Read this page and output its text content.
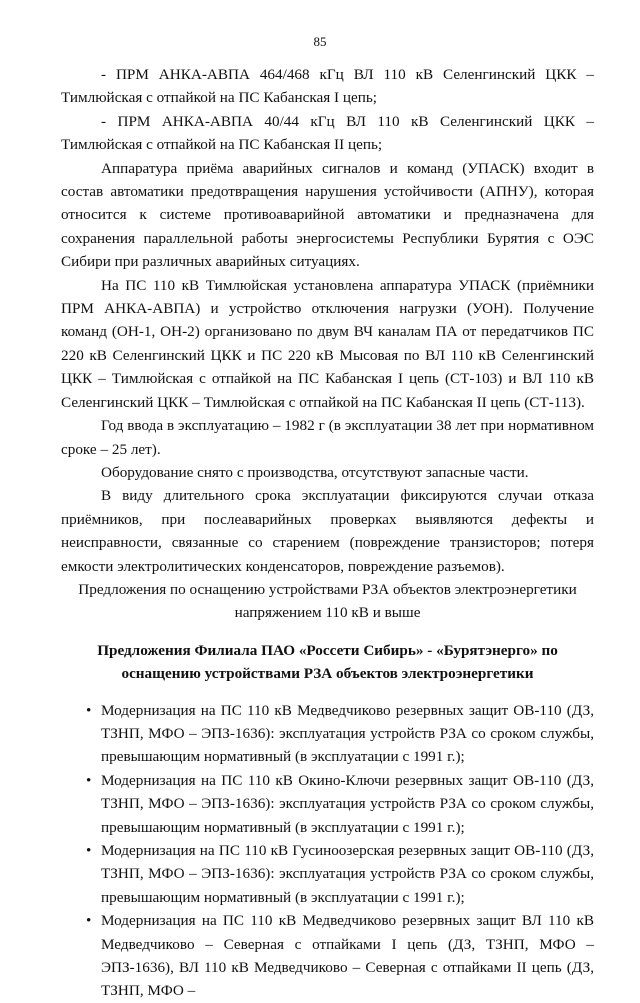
85

- ПРМ АНКА-АВПА 464/468 кГц ВЛ 110 кВ Селенгинский ЦКК – Тимлюйская с отпайкой на ПС Кабанская I цепь;

- ПРМ АНКА-АВПА 40/44 кГц ВЛ 110 кВ Селенгинский ЦКК – Тимлюйская с отпайкой на ПС Кабанская II цепь;

Аппаратура приёма аварийных сигналов и команд (УПАСК) входит в состав автоматики предотвращения нарушения устойчивости (АПНУ), которая относится к системе противоаварийной автоматики и предназначена для сохранения параллельной работы энергосистемы Республики Бурятия с ОЭС Сибири при различных аварийных ситуациях.

На ПС 110 кВ Тимлюйская установлена аппаратура УПАСК (приёмники ПРМ АНКА-АВПА) и устройство отключения нагрузки (УОН). Получение команд (ОН-1, ОН-2) организовано по двум ВЧ каналам ПА от передатчиков ПС 220 кВ Селенгинский ЦКК и ПС 220 кВ Мысовая по ВЛ 110 кВ Селенгинский ЦКК – Тимлюйская с отпайкой на ПС Кабанская I цепь (СТ-103) и ВЛ 110 кВ Селенгинский ЦКК – Тимлюйская с отпайкой на ПС Кабанская II цепь (СТ-113).

Год ввода в эксплуатацию – 1982 г (в эксплуатации 38 лет при нормативном сроке – 25 лет).

Оборудование снято с производства, отсутствуют запасные части.

В виду длительного срока эксплуатации фиксируются случаи отказа приёмников, при послеаварийных проверках выявляются дефекты и неисправности, связанные со старением (повреждение транзисторов; потеря емкости электролитических конденсаторов, повреждение разъемов).

Предложения по оснащению устройствами РЗА объектов электроэнергетики

напряжением 110 кВ и выше

Предложения Филиала ПАО «Россети Сибирь» - «Бурятэнерго» по

оснащению устройствами РЗА объектов электроэнергетики

• Модернизация на ПС 110 кВ Медведчиково резервных защит ОВ-110 (ДЗ, ТЗНП, МФО – ЭПЗ-1636): эксплуатация устройств РЗА со сроком службы, превышающим нормативный (в эксплуатации с 1991 г.);
• Модернизация на ПС 110 кВ Окино-Ключи резервных защит ОВ-110 (ДЗ, ТЗНП, МФО – ЭПЗ-1636): эксплуатация устройств РЗА со сроком службы, превышающим нормативный (в эксплуатации с 1991 г.);
• Модернизация на ПС 110 кВ Гусиноозерская резервных защит ОВ-110 (ДЗ, ТЗНП, МФО – ЭПЗ-1636): эксплуатация устройств РЗА со сроком службы, превышающим нормативный (в эксплуатации с 1991 г.);
• Модернизация на ПС 110 кВ Медведчиково резервных защит ВЛ 110 кВ Медведчиково – Северная с отпайками I цепь (ДЗ, ТЗНП, МФО – ЭПЗ-1636), ВЛ 110 кВ Медведчиково – Северная с отпайками II цепь (ДЗ, ТЗНП, МФО –
